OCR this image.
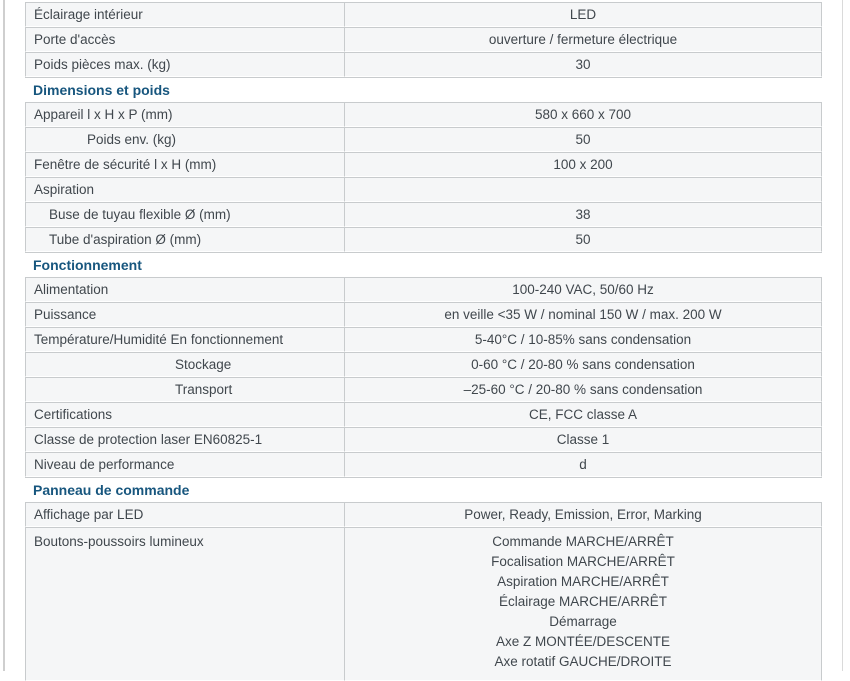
Éclairage intérieur	LED
Porte d'accès	ouverture / fermeture électrique
Poids pièces max. (kg)	30
Dimensions et poids	
Appareil l x H x P (mm)	580 x 660 x 700
Poids env. (kg)	50
Fenêtre de sécurité l x H (mm)	100 x 200
Aspiration	
Buse de tuyau flexible Ø (mm)	38
Tube d'aspiration Ø (mm)	50
Fonctionnement	
Alimentation	100-240 VAC, 50/60 Hz
Puissance	en veille <35 W / nominal 150 W / max. 200 W
Température/Humidité En fonctionnement	5-40°C / 10-85% sans condensation
Stockage	0-60 °C / 20-80 % sans condensation
Transport	–25-60 °C / 20-80 % sans condensation
Certifications	CE, FCC classe A
Classe de protection laser EN60825-1	Classe 1
Niveau de performance	d
Panneau de commande	
Affichage par LED	Power, Ready, Emission, Error, Marking
Boutons-poussoirs lumineux	Commande MARCHE/ARRÊT
Focalisation MARCHE/ARRÊT
Aspiration MARCHE/ARRÊT
Éclairage MARCHE/ARRÊT
Démarrage
Axe Z MONTÉE/DESCENTE
Axe rotatif GAUCHE/DROITE
